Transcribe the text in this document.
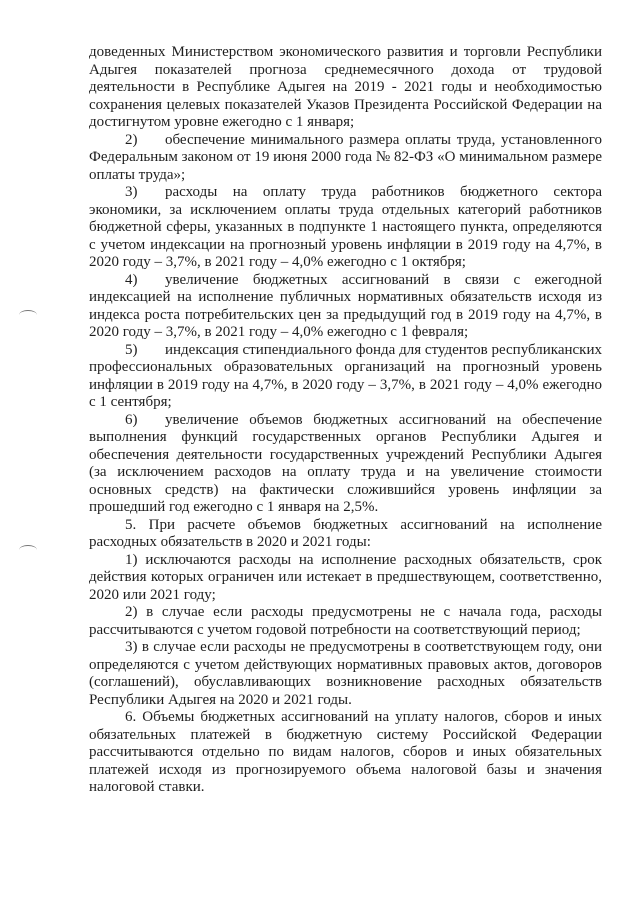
доведенных Министерством экономического развития и торговли Республики Адыгея показателей прогноза среднемесячного дохода от трудовой деятельности в Республике Адыгея на 2019 - 2021 годы и необходимостью сохранения целевых показателей Указов Президента Российской Федерации на достигнутом уровне ежегодно с 1 января;

2) обеспечение минимального размера оплаты труда, установленного Федеральным законом от 19 июня 2000 года № 82-ФЗ «О минимальном размере оплаты труда»;

3) расходы на оплату труда работников бюджетного сектора экономики, за исключением оплаты труда отдельных категорий работников бюджетной сферы, указанных в подпункте 1 настоящего пункта, определяются с учетом индексации на прогнозный уровень инфляции в 2019 году на 4,7%, в 2020 году – 3,7%, в 2021 году – 4,0% ежегодно с 1 октября;

4) увеличение бюджетных ассигнований в связи с ежегодной индексацией на исполнение публичных нормативных обязательств исходя из индекса роста потребительских цен за предыдущий год в 2019 году на 4,7%, в 2020 году – 3,7%, в 2021 году – 4,0% ежегодно с 1 февраля;

5) индексация стипендиального фонда для студентов республиканских профессиональных образовательных организаций на прогнозный уровень инфляции в 2019 году на 4,7%, в 2020 году – 3,7%, в 2021 году – 4,0% ежегодно с 1 сентября;

6) увеличение объемов бюджетных ассигнований на обеспечение выполнения функций государственных органов Республики Адыгея и обеспечения деятельности государственных учреждений Республики Адыгея (за исключением расходов на оплату труда и на увеличение стоимости основных средств) на фактически сложившийся уровень инфляции за прошедший год ежегодно с 1 января на 2,5%.

5. При расчете объемов бюджетных ассигнований на исполнение расходных обязательств в 2020 и 2021 годы:

1) исключаются расходы на исполнение расходных обязательств, срок действия которых ограничен или истекает в предшествующем, соответственно, 2020 или 2021 году;

2) в случае если расходы предусмотрены не с начала года, расходы рассчитываются с учетом годовой потребности на соответствующий период;

3) в случае если расходы не предусмотрены в соответствующем году, они определяются с учетом действующих нормативных правовых актов, договоров (соглашений), обуславливающих возникновение расходных обязательств Республики Адыгея на 2020 и 2021 годы.

6. Объемы бюджетных ассигнований на уплату налогов, сборов и иных обязательных платежей в бюджетную систему Российской Федерации рассчитываются отдельно по видам налогов, сборов и иных обязательных платежей исходя из прогнозируемого объема налоговой базы и значения налоговой ставки.
